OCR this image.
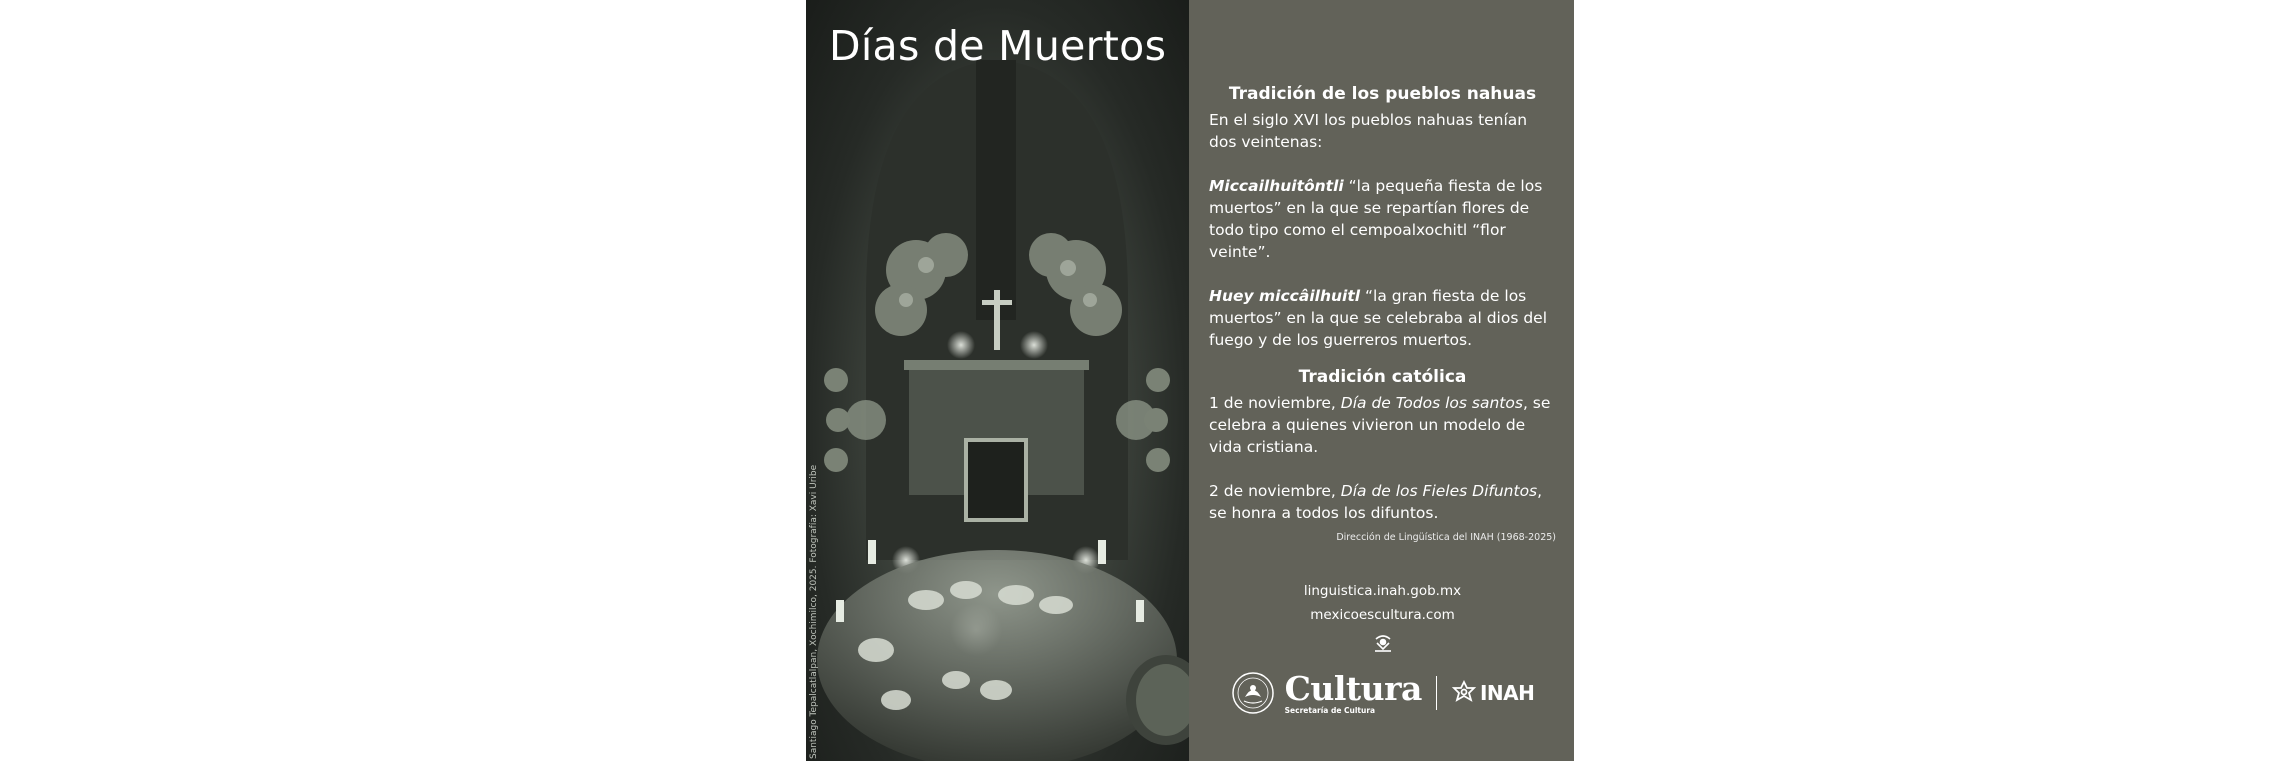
Días de Muertos
Santiago Tepalcatlalpan, Xochimilco, 2025. Fotografía: Xavi Uribe
Tradición de los pueblos nahuas

En el siglo XVI los pueblos nahuas tenían dos veintenas:

Miccailhuitôntli “la pequeña fiesta de los muertos” en la que se repartían flores de todo tipo como el cempoalxochitl “flor veinte”.

Huey miccâilhuitl “la gran fiesta de los muertos” en la que se celebraba al dios del fuego y de los guerreros muertos.

Tradición católica

1 de noviembre, Día de Todos los santos, se celebra a quienes vivieron un modelo de vida cristiana.

2 de noviembre, Día de los Fieles Difuntos, se honra a todos los difuntos.

Dirección de Lingüística del INAH (1968-2025)
linguistica.inah.gob.mx
mexicoescultura.com
Cultura
Secretaría de Cultura
INAH
